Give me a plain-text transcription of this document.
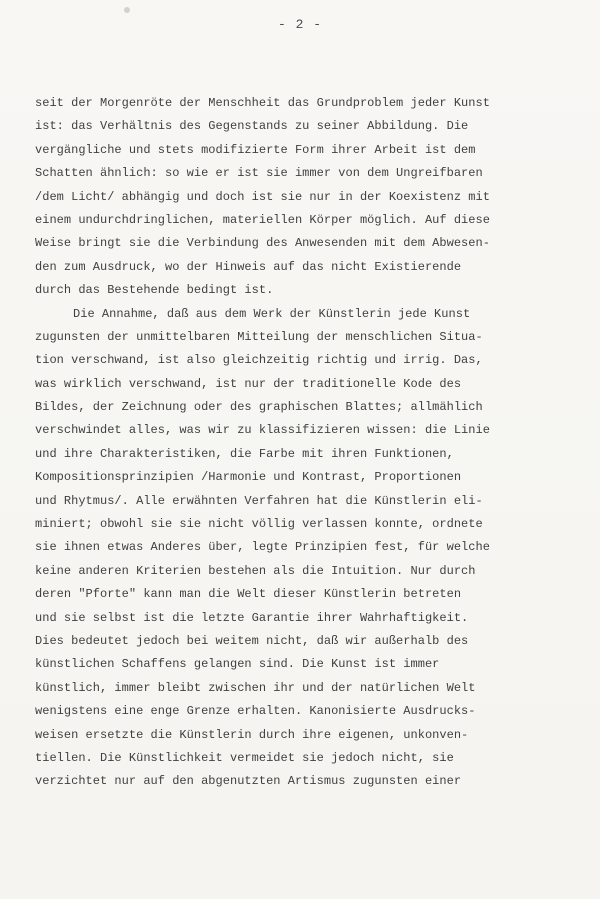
- 2 -
seit der Morgenröte der Menschheit das Grundproblem jeder Kunst
ist: das Verhältnis des Gegenstands zu seiner Abbildung. Die
vergängliche und stets modifizierte Form ihrer Arbeit ist dem
Schatten ähnlich: so wie er ist sie immer von dem Ungreifbaren
/dem Licht/ abhängig und doch ist sie nur in der Koexistenz mit
einem undurchdringlichen, materiellen Körper möglich. Auf diese
Weise bringt sie die Verbindung des Anwesenden mit dem Abwesen-
den zum Ausdruck, wo der Hinweis auf das nicht Existierende
durch das Bestehende bedingt ist.
Die Annahme, daß aus dem Werk der Künstlerin jede Kunst
zugunsten der unmittelbaren Mitteilung der menschlichen Situa-
tion verschwand, ist also gleichzeitig richtig und irrig. Das,
was wirklich verschwand, ist nur der traditionelle Kode des
Bildes, der Zeichnung oder des graphischen Blattes; allmählich
verschwindet alles, was wir zu klassifizieren wissen: die Linie
und ihre Charakteristiken, die Farbe mit ihren Funktionen,
Kompositionsprinzipien /Harmonie und Kontrast, Proportionen
und Rhytmus/. Alle erwähnten Verfahren hat die Künstlerin eli-
miniert; obwohl sie sie nicht völlig verlassen konnte, ordnete
sie ihnen etwas Anderes über, legte Prinzipien fest, für welche
keine anderen Kriterien bestehen als die Intuition. Nur durch
deren "Pforte" kann man die Welt dieser Künstlerin betreten
und sie selbst ist die letzte Garantie ihrer Wahrhaftigkeit.
Dies bedeutet jedoch bei weitem nicht, daß wir außerhalb des
künstlichen Schaffens gelangen sind. Die Kunst ist immer
künstlich, immer bleibt zwischen ihr und der natürlichen Welt
wenigstens eine enge Grenze erhalten. Kanonisierte Ausdrucks-
weisen ersetzte die Künstlerin durch ihre eigenen, unkonven-
tiellen. Die Künstlichkeit vermeidet sie jedoch nicht, sie
verzichtet nur auf den abgenutzten Artismus zugunsten einer
